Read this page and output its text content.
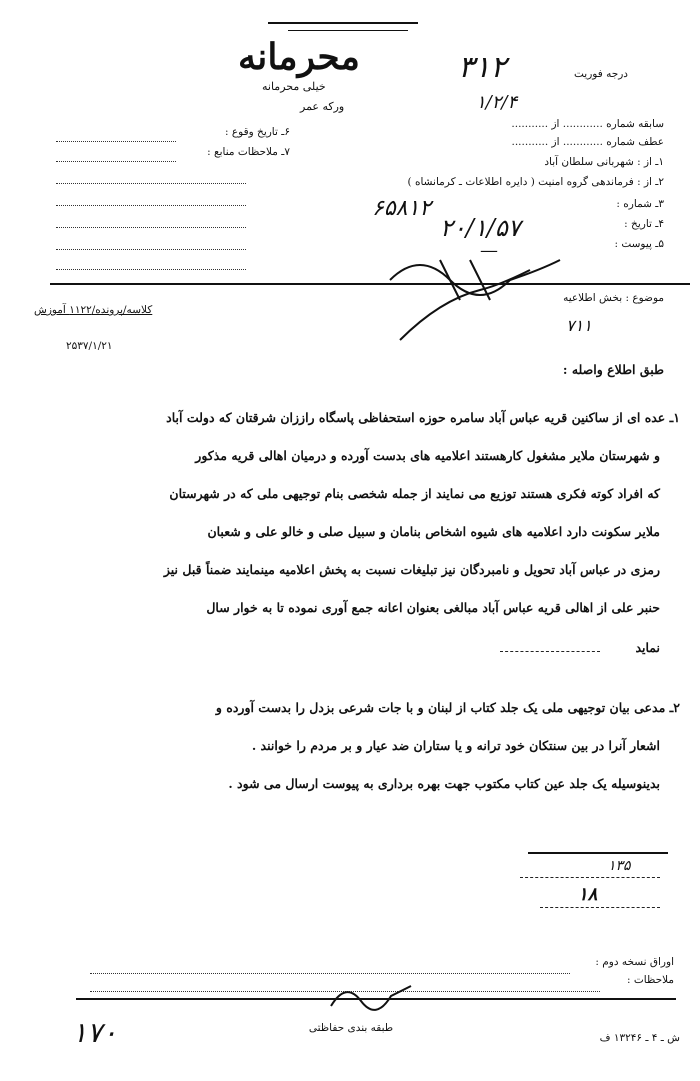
محرمانه
خیلی محرمانه
ورکه عمر
درجه فوریت
۳۱۲
۱/۲/۴
سابقه شماره ............ از ...........
عطف شماره ............ از ...........
۱ـ از : شهربانی سلطان آباد
۲ـ از : فرماندهی گروه امنیت ( دایره اطلاعات ـ کرمانشاه )
۳ـ شماره :
۴ـ تاریخ :
۵ـ پیوست :
۶۵۸۱۲
۲۰/۱/۵۷
—
۶ـ تاریخ وقوع :
۷ـ ملاحظات منابع :
موضوع : بخش اطلاعیه
کلاسه/پرونده/۱۱۲۲ آموزش
۲۵۳۷/۱/۲۱
۷۱۱
طبق اطلاع واصله :
۱ـ عده ای از ساکنین قریه عباس آباد سامره حوزه استحفاظی پاسگاه راززان شرقتان که دولت آباد
و شهرستان ملایر مشغول کارهستند اعلامیه های بدست آورده و درمیان اهالی قریه مذکور
که افراد کوته فکری هستند توزیع می نمایند از جمله شخصی بنام توجیهی ملی که در شهرستان
ملایر سکونت دارد اعلامیه های شیوه اشخاص بنامان و سبیل صلی و خالو علی و شعبان
رمزی در عباس آباد تحویل و نامبردگان نیز تبلیغات نسبت به پخش اعلامیه مینمایند ضمناً قبل نیز
حنبر علی از اهالی قریه عباس آباد مبالغی بعنوان اعانه جمع آوری نموده تا به خوار سال
نماید
۲ـ مدعی بیان توجیهی ملی یک جلد کتاب از لبنان و با جات شرعی بزدل را بدست آورده و
اشعار آنرا در بین سنتکان خود ترانه و یا ستاران ضد عیار و بر مردم را خوانند .
بدینوسیله یک جلد عین کتاب مکتوب جهت بهره برداری به پیوست ارسال می شود .
۱۳۵
۱۸
اوراق نسخه دوم :
ملاحظات :
طبقه بندی حفاظتی
ش ـ ۴ ـ ۱۳۲۴۶ ف
۱۷۰
